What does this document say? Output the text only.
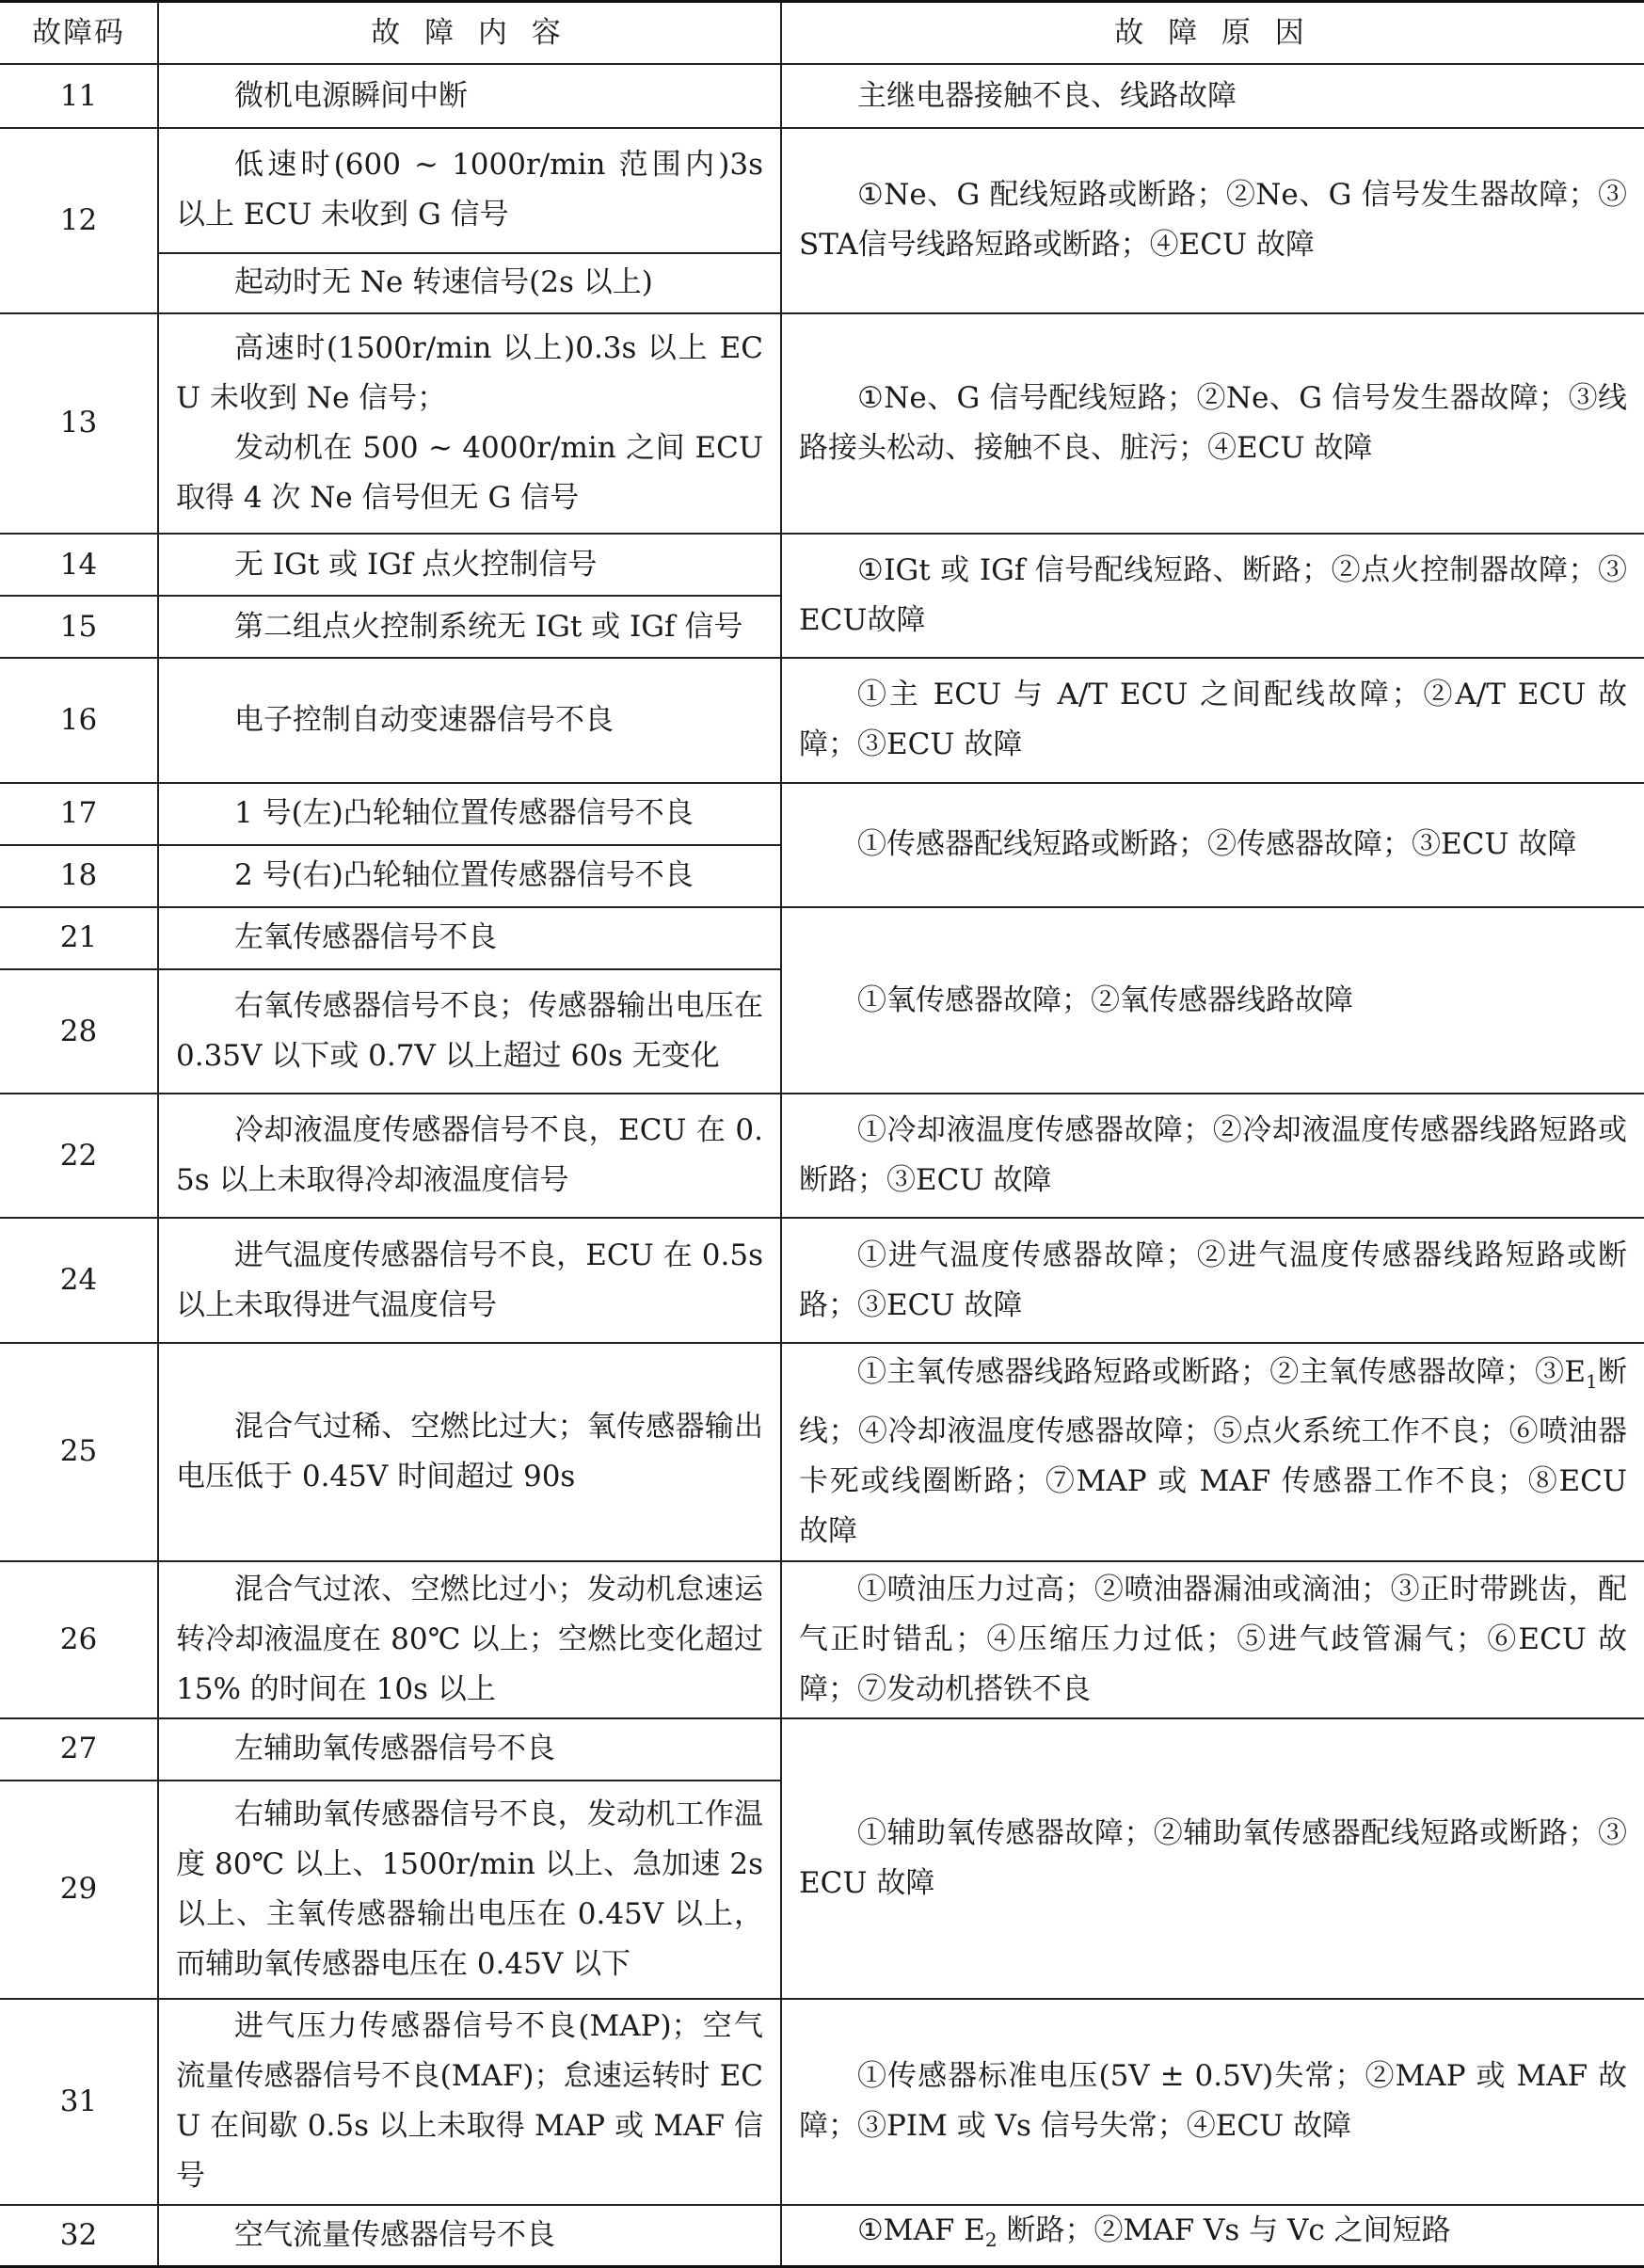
故障码	故 障 内 容	故 障 原 因
11	微机电源瞬间中断	主继电器接触不良、线路故障
12	低速时(600 ~ 1000r/min 范围内)3s 以上 ECU 未收到 G 信号	①Ne、G 配线短路或断路；②Ne、G 信号发生器故障；③STA信号线路短路或断路；④ECU 故障
	起动时无 Ne 转速信号(2s 以上)	
13	高速时(1500r/min 以上)0.3s 以上 ECU 未收到 Ne 信号；
发动机在 500 ~ 4000r/min 之间 ECU 取得 4 次 Ne 信号但无 G 信号	①Ne、G 信号配线短路；②Ne、G 信号发生器故障；③线路接头松动、接触不良、脏污；④ECU 故障
14	无 IGt 或 IGf 点火控制信号	①IGt 或 IGf 信号配线短路、断路；②点火控制器故障；③ECU故障
15	第二组点火控制系统无 IGt 或 IGf 信号	
16	电子控制自动变速器信号不良	①主 ECU 与 A/T ECU 之间配线故障；②A/T ECU 故障；③ECU 故障
17	1 号(左)凸轮轴位置传感器信号不良	①传感器配线短路或断路；②传感器故障；③ECU 故障
18	2 号(右)凸轮轴位置传感器信号不良	
21	左氧传感器信号不良	①氧传感器故障；②氧传感器线路故障
28	右氧传感器信号不良；传感器输出电压在 0.35V 以下或 0.7V 以上超过 60s 无变化	
22	冷却液温度传感器信号不良，ECU 在 0.5s 以上未取得冷却液温度信号	①冷却液温度传感器故障；②冷却液温度传感器线路短路或断路；③ECU 故障
24	进气温度传感器信号不良，ECU 在 0.5s 以上未取得进气温度信号	①进气温度传感器故障；②进气温度传感器线路短路或断路；③ECU 故障
25	混合气过稀、空燃比过大；氧传感器输出电压低于 0.45V 时间超过 90s	①主氧传感器线路短路或断路；②主氧传感器故障；$③E_1$断线；④冷却液温度传感器故障；⑤点火系统工作不良；⑥喷油器卡死或线圈断路；⑦MAP 或 MAF 传感器工作不良；⑧ECU 故障
26	混合气过浓、空燃比过小；发动机怠速运转冷却液温度在 80℃ 以上；空燃比变化超过 15% 的时间在 10s 以上	①喷油压力过高；②喷油器漏油或滴油；③正时带跳齿，配气正时错乱；④压缩压力过低；⑤进气歧管漏气；⑥ECU 故障；⑦发动机搭铁不良
27	左辅助氧传感器信号不良	①辅助氧传感器故障；②辅助氧传感器配线短路或断路；③ECU 故障
29	右辅助氧传感器信号不良，发动机工作温度 80℃ 以上、1500r/min 以上、急加速 2s 以上、主氧传感器输出电压在 0.45V 以上，而辅助氧传感器电压在 0.45V 以下	
31	进气压力传感器信号不良(MAP)；空气流量传感器信号不良(MAF)；怠速运转时 ECU 在间歇 0.5s 以上未取得 MAP 或 MAF 信号	①传感器标准电压(5V ± 0.5V)失常；②MAP 或 MAF 故障；③PIM 或 Vs 信号失常；④ECU 故障
32	空气流量传感器信号不良	①MAF $E_2$ 断路；②MAF Vs 与 Vc 之间短路
